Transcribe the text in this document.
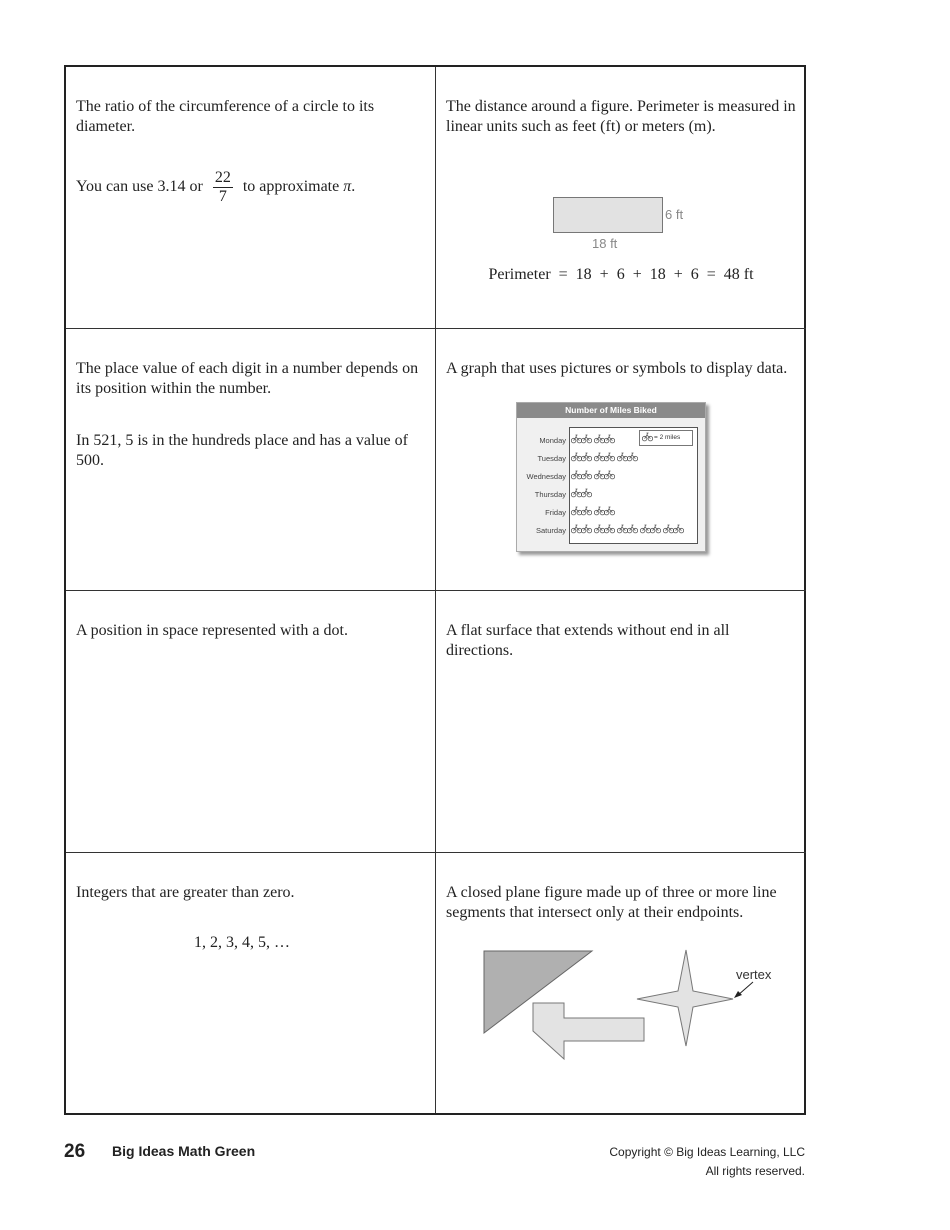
The ratio of the circumference of a circle to its diameter.

You can use 3.14 or $\frac{22}{7}$ to approximate π.

The distance around a figure. Perimeter is measured in linear units such as feet (ft) or meters (m).

6 ft
18 ft
Perimeter  =  18  +  6  +  18  +  6  =  48 ft

The place value of each digit in a number depends on its position within the number.

In 521, 5 is in the hundreds place and has a value of 500.

A graph that uses pictures or symbols to display data.

Number of Miles Biked
= 2 miles
Monday
Tuesday
Wednesday
Thursday
Friday
Saturday

A position in space represented with a dot.	A flat surface that extends without end in all directions.

Integers that are greater than zero.

1, 2, 3, 4, 5, …

A closed plane figure made up of three or more line segments that intersect only at their endpoints.

vertex
26 Big Ideas Math Green	Copyright © Big Ideas Learning, LLC
All rights reserved.
